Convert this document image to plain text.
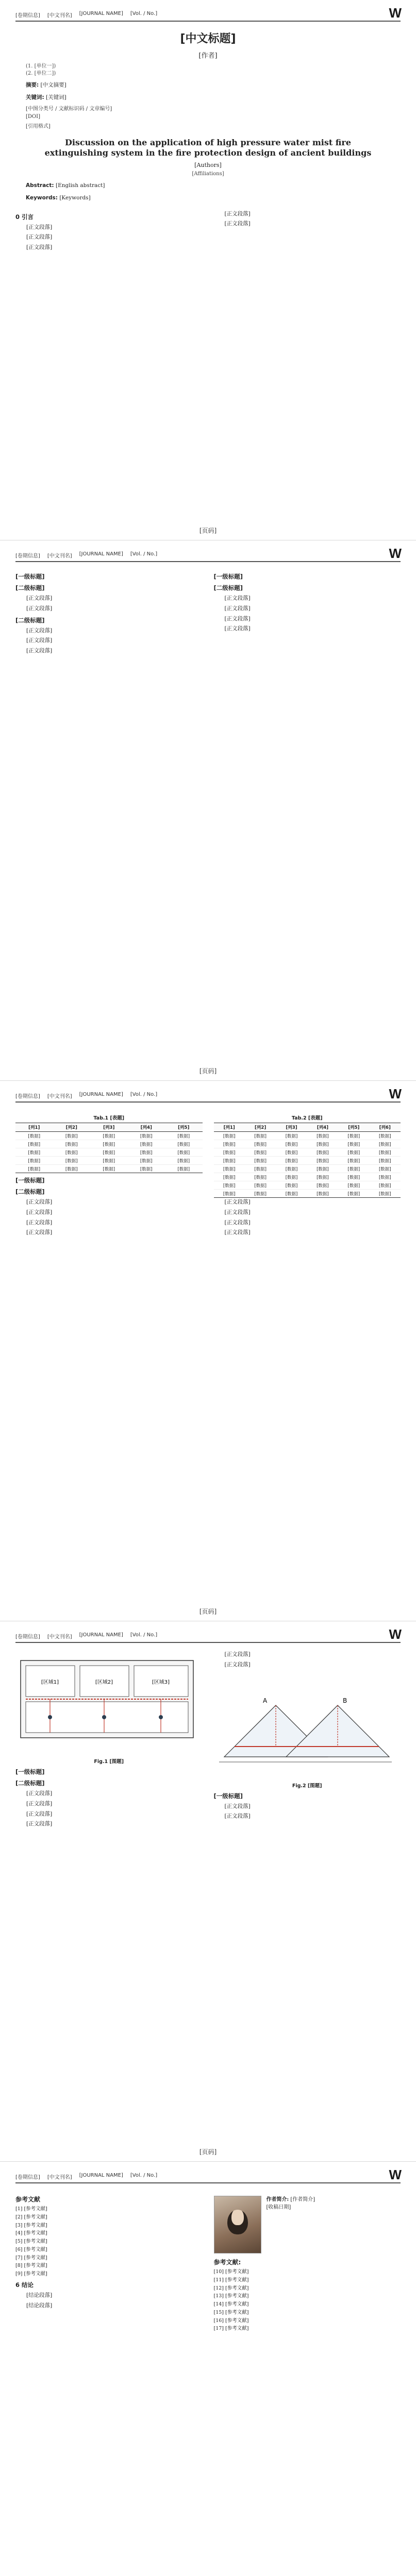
[卷期信息] [中文刊名] [JOURNAL NAME] [Vol. / No.]	W
[中文标题]
[作者]
(1. [单位一])
(2. [单位二])
摘要: [中文摘要]
关键词: [关键词]
[中图分类号 / 文献标识码 / 文章编号]
[DOI]
[引用格式]
Discussion on the application of high pressure water mist fire extinguishing system in the fire protection design of ancient buildings
[Authors]
[Affiliations]
Abstract: [English abstract]
Keywords: [Keywords]
0 引言

[正文段落]

[正文段落]

[正文段落]

[正文段落]

[正文段落]

[页码]
[卷期信息] [中文刊名] [JOURNAL NAME] [Vol. / No.]	W
[一级标题]
[二级标题]

[正文段落]

[正文段落]

[二级标题]

[正文段落]

[正文段落]

[正文段落]

[一级标题]
[二级标题]

[正文段落]

[正文段落]

[正文段落]

[正文段落]

[页码]
[卷期信息] [中文刊名] [JOURNAL NAME] [Vol. / No.]	W
Tab.1 [表题]
[列1]	[列2]	[列3]	[列4]	[列5]
[数据]	[数据]	[数据]	[数据]	[数据]
[数据]	[数据]	[数据]	[数据]	[数据]
[数据]	[数据]	[数据]	[数据]	[数据]
[数据]	[数据]	[数据]	[数据]	[数据]
[数据]	[数据]	[数据]	[数据]	[数据]
[一级标题]
[二级标题]

[正文段落]

[正文段落]

[正文段落]

[正文段落]

Tab.2 [表题]
[列1]	[列2]	[列3]	[列4]	[列5]	[列6]
[数据]	[数据]	[数据]	[数据]	[数据]	[数据]
[数据]	[数据]	[数据]	[数据]	[数据]	[数据]
[数据]	[数据]	[数据]	[数据]	[数据]	[数据]
[数据]	[数据]	[数据]	[数据]	[数据]	[数据]
[数据]	[数据]	[数据]	[数据]	[数据]	[数据]
[数据]	[数据]	[数据]	[数据]	[数据]	[数据]
[数据]	[数据]	[数据]	[数据]	[数据]	[数据]
[数据]	[数据]	[数据]	[数据]	[数据]	[数据]

[正文段落]

[正文段落]

[正文段落]

[正文段落]

[页码]
[卷期信息] [中文刊名] [JOURNAL NAME] [Vol. / No.]	W
[区域1]	[区域2]	[区域3]
Fig.1 [图题]
[一级标题]
[二级标题]

[正文段落]

[正文段落]

[正文段落]

[正文段落]

[正文段落]

[正文段落]

A	B
Fig.2 [图题]
[一级标题]

[正文段落]

[正文段落]

[页码]
[卷期信息] [中文刊名] [JOURNAL NAME] [Vol. / No.]	W
参考文献
[1] [参考文献]
[2] [参考文献]
[3] [参考文献]
[4] [参考文献]
[5] [参考文献]
[6] [参考文献]
[7] [参考文献]
[8] [参考文献]
[9] [参考文献]
6 结论

[结论段落]

[结论段落]

作者简介: [作者简介]
[收稿日期]
参考文献:
[10] [参考文献]
[11] [参考文献]
[12] [参考文献]
[13] [参考文献]
[14] [参考文献]
[15] [参考文献]
[16] [参考文献]
[17] [参考文献]
